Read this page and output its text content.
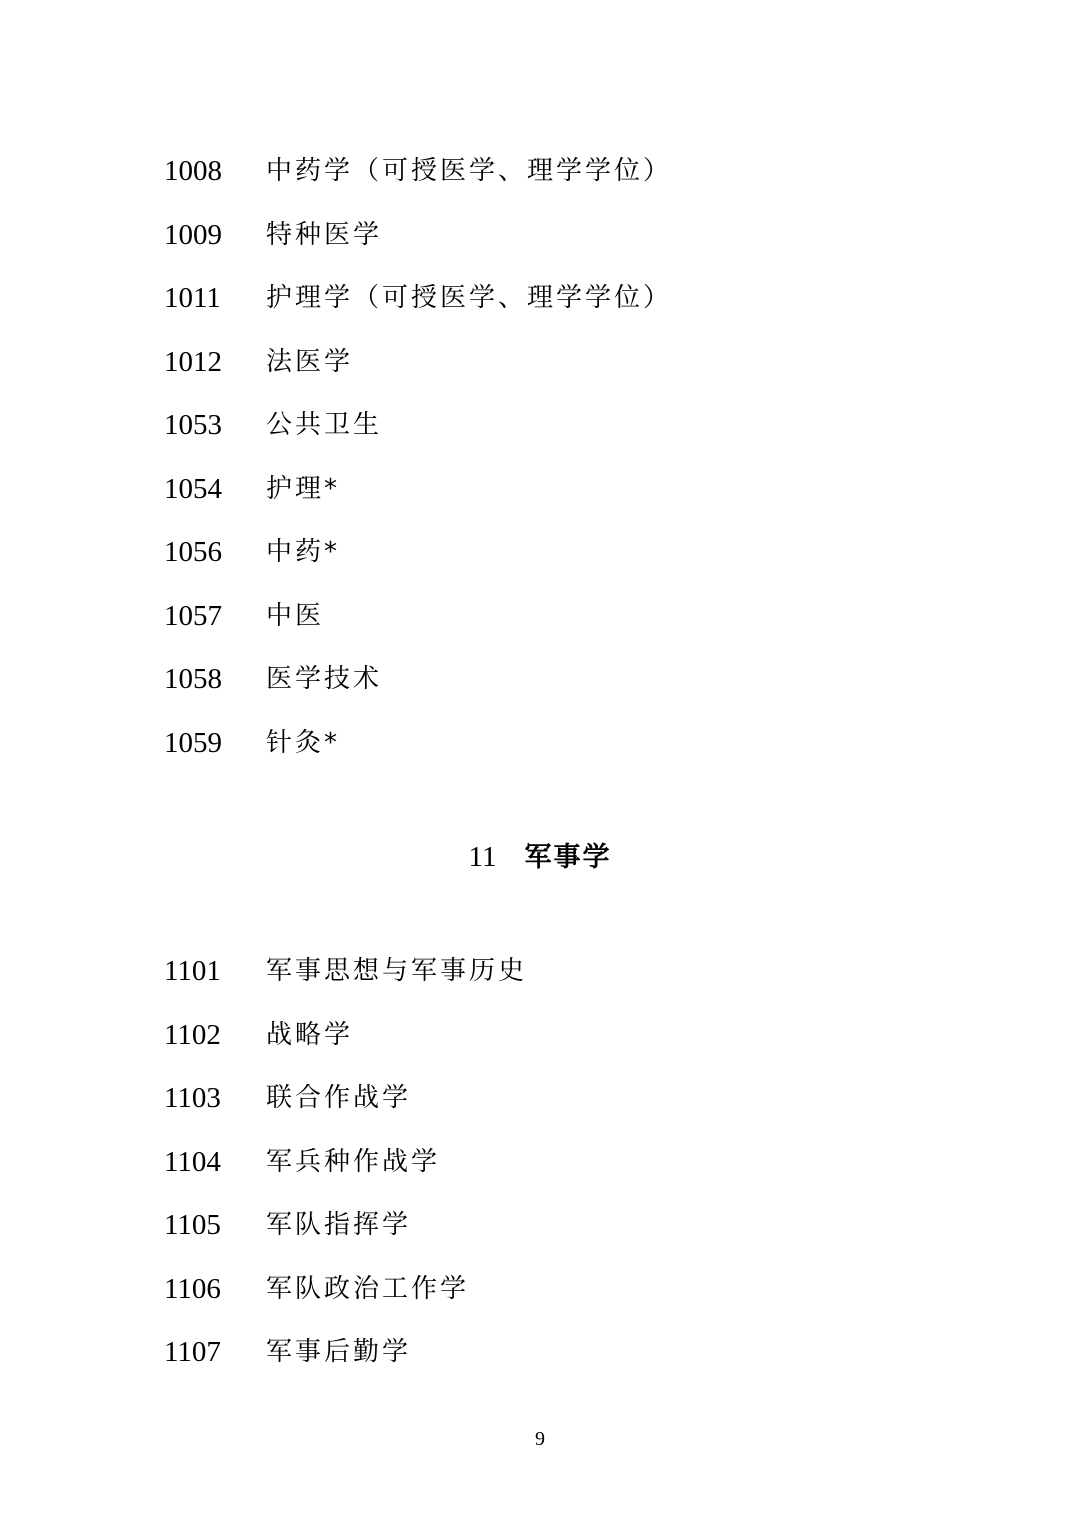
1008 中药学（可授医学、理学学位）
1009 特种医学
1011 护理学（可授医学、理学学位）
1012 法医学
1053 公共卫生
1054 护理*
1056 中药*
1057 中医
1058 医学技术
1059 针灸*
11 军事学
1101 军事思想与军事历史
1102 战略学
1103 联合作战学
1104 军兵种作战学
1105 军队指挥学
1106 军队政治工作学
1107 军事后勤学
9
